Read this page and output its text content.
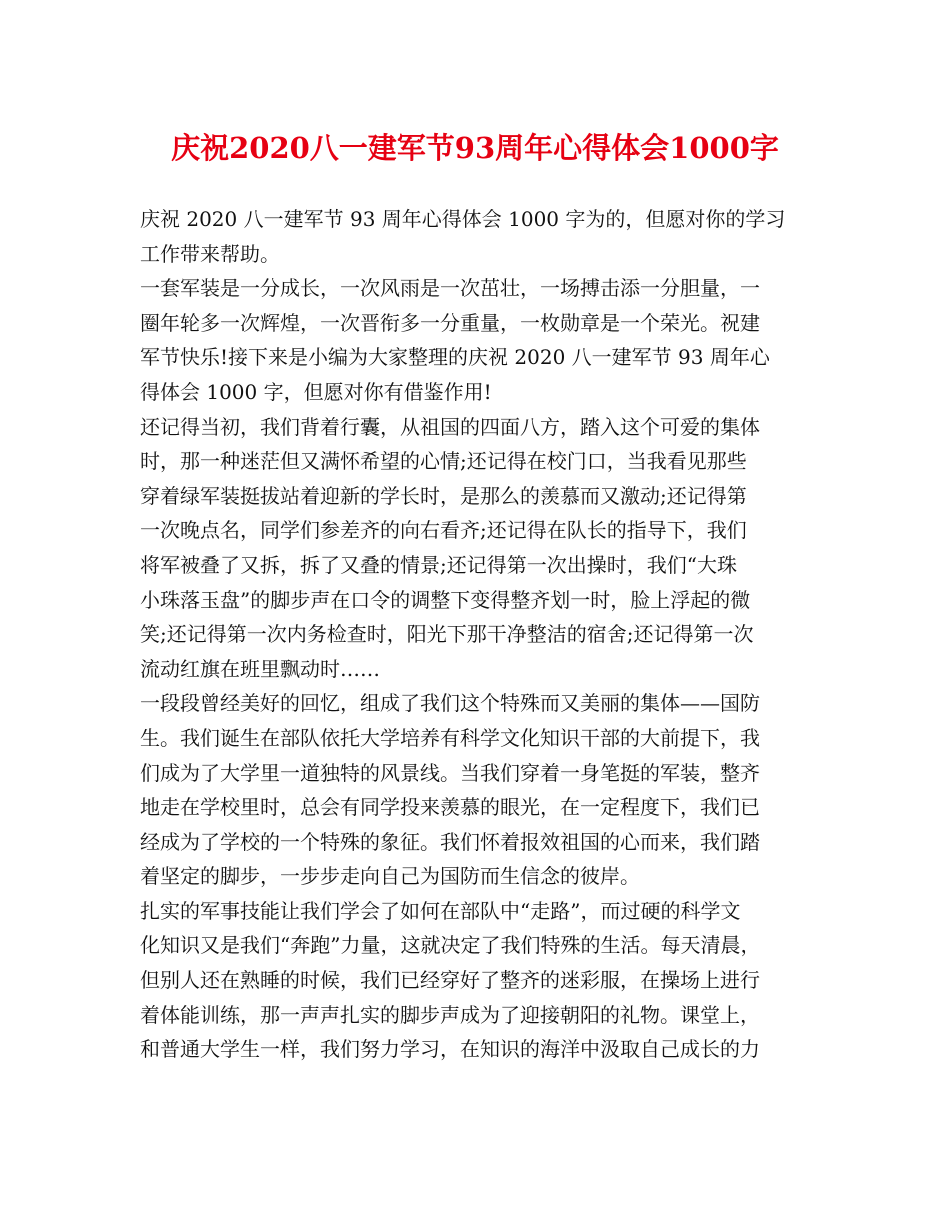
庆祝2020八一建军节93周年心得体会1000字
庆祝 2020 八一建军节 93 周年心得体会 1000 字为的，但愿对你的学习
工作带来帮助。
一套军装是一分成长，一次风雨是一次茁壮，一场搏击添一分胆量，一
圈年轮多一次辉煌，一次晋衔多一分重量，一枚勋章是一个荣光。祝建
军节快乐!接下来是小编为大家整理的庆祝 2020 八一建军节 93 周年心
得体会 1000 字，但愿对你有借鉴作用!
还记得当初，我们背着行囊，从祖国的四面八方，踏入这个可爱的集体
时，那一种迷茫但又满怀希望的心情;还记得在校门口，当我看见那些
穿着绿军装挺拔站着迎新的学长时，是那么的羡慕而又激动;还记得第
一次晚点名，同学们参差齐的向右看齐;还记得在队长的指导下，我们
将军被叠了又拆，拆了又叠的情景;还记得第一次出操时，我们“大珠
小珠落玉盘”的脚步声在口令的调整下变得整齐划一时，脸上浮起的微
笑;还记得第一次内务检查时，阳光下那干净整洁的宿舍;还记得第一次
流动红旗在班里飘动时……
一段段曾经美好的回忆，组成了我们这个特殊而又美丽的集体——国防
生。我们诞生在部队依托大学培养有科学文化知识干部的大前提下，我
们成为了大学里一道独特的风景线。当我们穿着一身笔挺的军装，整齐
地走在学校里时，总会有同学投来羡慕的眼光，在一定程度下，我们已
经成为了学校的一个特殊的象征。我们怀着报效祖国的心而来，我们踏
着坚定的脚步，一步步走向自己为国防而生信念的彼岸。
扎实的军事技能让我们学会了如何在部队中“走路”，而过硬的科学文
化知识又是我们“奔跑”力量，这就决定了我们特殊的生活。每天清晨，
但别人还在熟睡的时候，我们已经穿好了整齐的迷彩服，在操场上进行
着体能训练，那一声声扎实的脚步声成为了迎接朝阳的礼物。课堂上，
和普通大学生一样，我们努力学习，在知识的海洋中汲取自己成长的力
